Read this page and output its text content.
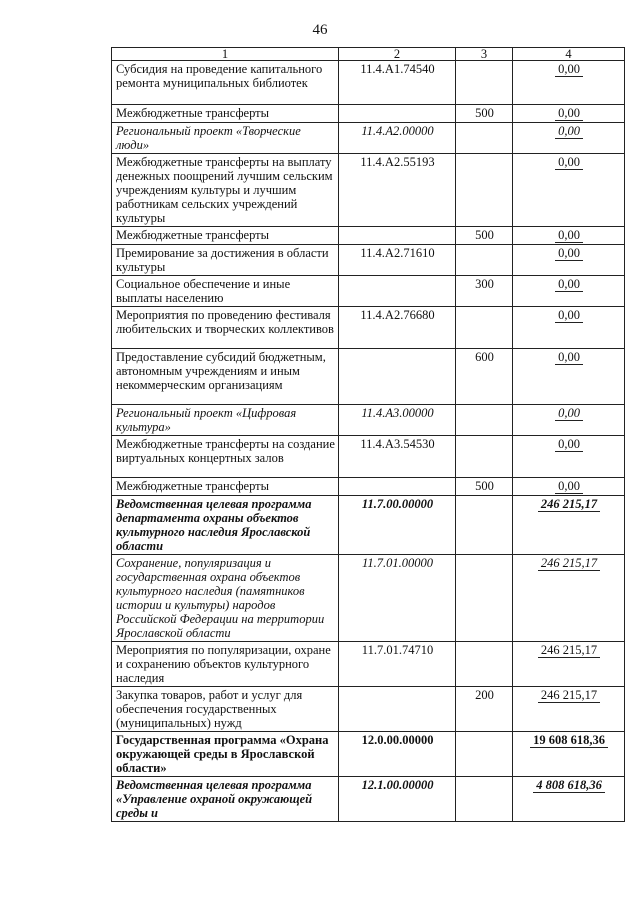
46
1	2	3	4
Субсидия на проведение капитального ремонта муниципальных библиотек	11.4.A1.74540		0,00
Межбюджетные трансферты		500	0,00
Региональный проект «Творческие люди»	11.4.A2.00000		0,00
Межбюджетные трансферты на выплату денежных поощрений лучшим сельским учреждениям культуры и лучшим работникам сельских учреждений культуры	11.4.A2.55193		0,00
Межбюджетные трансферты		500	0,00
Премирование за достижения в области культуры	11.4.A2.71610		0,00
Социальное обеспечение и иные выплаты населению		300	0,00
Мероприятия по проведению фестиваля любительских и творческих коллективов	11.4.A2.76680		0,00
Предоставление субсидий бюджетным, автономным учреждениям и иным некоммерческим организациям		600	0,00
Региональный проект «Цифровая культура»	11.4.A3.00000		0,00
Межбюджетные трансферты на создание виртуальных концертных залов	11.4.A3.54530		0,00
Межбюджетные трансферты		500	0,00
Ведомственная целевая программа департамента охраны объектов культурного наследия Ярославской области	11.7.00.00000		246 215,17
Сохранение, популяризация и государственная охрана объектов культурного наследия (памятников истории и культуры) народов Российской Федерации на территории Ярославской области	11.7.01.00000		246 215,17
Мероприятия по популяризации, охране и сохранению объектов культурного наследия	11.7.01.74710		246 215,17
Закупка товаров, работ и услуг для обеспечения государственных (муниципальных) нужд		200	246 215,17
Государственная программа «Охрана окружающей среды в Ярославской области»	12.0.00.00000		19 608 618,36
Ведомственная целевая программа «Управление охраной окружающей среды и	12.1.00.00000		4 808 618,36
